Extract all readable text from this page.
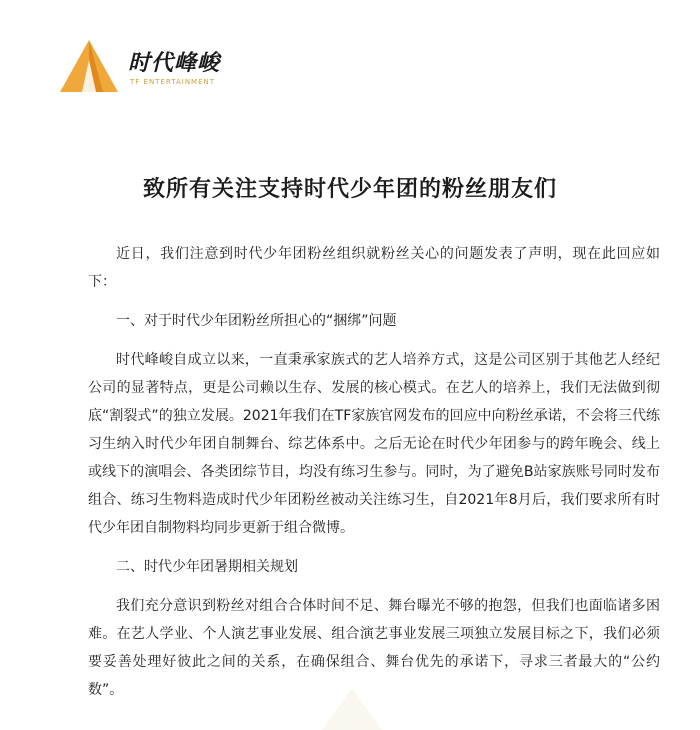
时代峰峻
TF ENTERTAINMENT
致所有关注支持时代少年团的粉丝朋友们

近日，我们注意到时代少年团粉丝组织就粉丝关心的问题发表了声明，现在此回应如下：

一、对于时代少年团粉丝所担心的“捆绑”问题

时代峰峻自成立以来，一直秉承家族式的艺人培养方式，这是公司区别于其他艺人经纪公司的显著特点，更是公司赖以生存、发展的核心模式。在艺人的培养上，我们无法做到彻底“割裂式”的独立发展。2021年我们在TF家族官网发布的回应中向粉丝承诺，不会将三代练习生纳入时代少年团自制舞台、综艺体系中。之后无论在时代少年团参与的跨年晚会、线上或线下的演唱会、各类团综节目，均没有练习生参与。同时，为了避免B站家族账号同时发布组合、练习生物料造成时代少年团粉丝被动关注练习生，自2021年8月后，我们要求所有时代少年团自制物料均同步更新于组合微博。

二、时代少年团暑期相关规划

我们充分意识到粉丝对组合合体时间不足、舞台曝光不够的抱怨，但我们也面临诸多困难。在艺人学业、个人演艺事业发展、组合演艺事业发展三项独立发展目标之下，我们必须要妥善处理好彼此之间的关系，在确保组合、舞台优先的承诺下，寻求三者最大的“公约数”。
